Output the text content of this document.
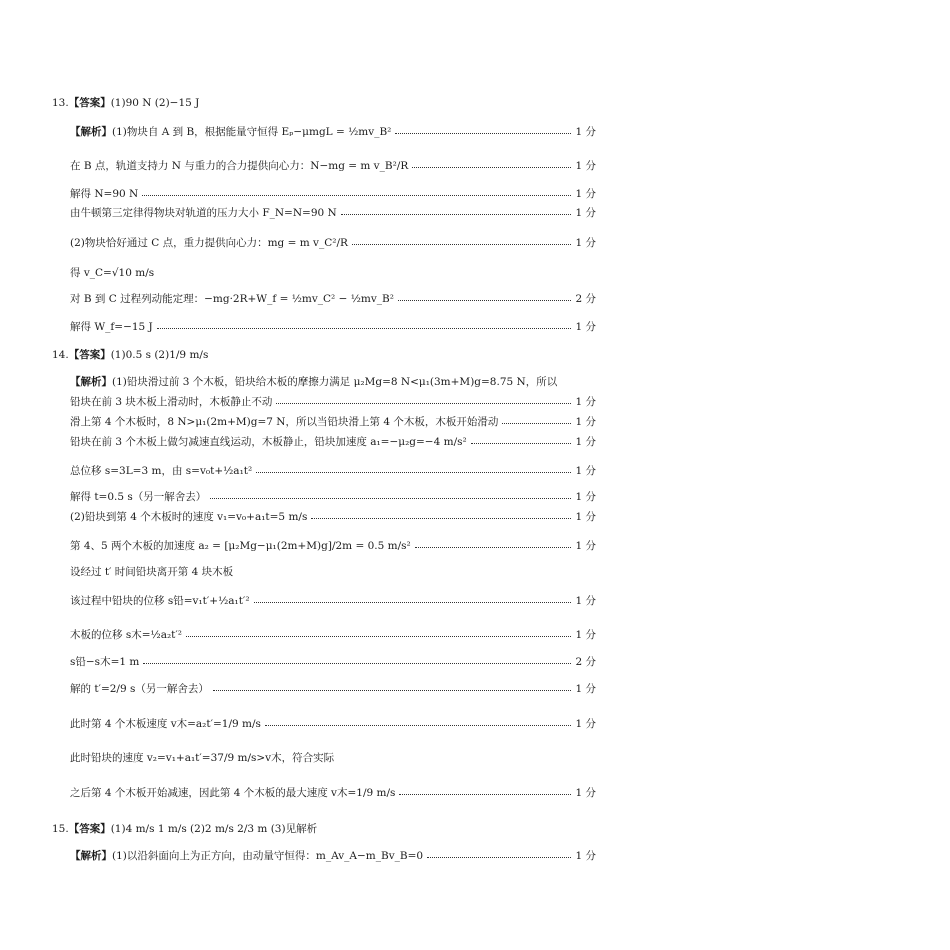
13.【答案】(1)90 N (2)−15 J
【解析】(1)物块自 A 到 B，根据能量守恒得 Eₚ−μmgL = ½mv_B²	1 分
在 B 点，轨道支持力 N 与重力的合力提供向心力：N−mg = m v_B²/R	1 分
解得 N=90 N	1 分
由牛顿第三定律得物块对轨道的压力大小 F_N=N=90 N	1 分
(2)物块恰好通过 C 点，重力提供向心力：mg = m v_C²/R	1 分
得 v_C=√10 m/s
对 B 到 C 过程列动能定理：−mg·2R+W_f = ½mv_C² − ½mv_B²	2 分
解得 W_f=−15 J	1 分
14.【答案】(1)0.5 s (2)1/9 m/s
【解析】(1)铅块滑过前 3 个木板，铅块给木板的摩擦力满足 μ₂Mg=8 N<μ₁(3m+M)g=8.75 N，所以
铅块在前 3 块木板上滑动时，木板静止不动	1 分
滑上第 4 个木板时，8 N>μ₁(2m+M)g=7 N，所以当铅块滑上第 4 个木板，木板开始滑动	1 分
铅块在前 3 个木板上做匀减速直线运动，木板静止，铅块加速度 a₁=−μ₂g=−4 m/s²	1 分
总位移 s=3L=3 m，由 s=v₀t+½a₁t²	1 分
解得 t=0.5 s（另一解舍去）	1 分
(2)铅块到第 4 个木板时的速度 v₁=v₀+a₁t=5 m/s	1 分
第 4、5 两个木板的加速度 a₂ = [μ₂Mg−μ₁(2m+M)g]/2m = 0.5 m/s²	1 分
设经过 t′ 时间铅块离开第 4 块木板
该过程中铅块的位移 s铅=v₁t′+½a₁t′²	1 分
木板的位移 s木=½a₂t′²	1 分
s铅−s木=1 m	2 分
解的 t′=2/9 s（另一解舍去）	1 分
此时第 4 个木板速度 v木=a₂t′=1/9 m/s	1 分
此时铅块的速度 v₂=v₁+a₁t′=37/9 m/s>v木，符合实际
之后第 4 个木板开始减速，因此第 4 个木板的最大速度 v木=1/9 m/s	1 分
15.【答案】(1)4 m/s 1 m/s (2)2 m/s 2/3 m (3)见解析
【解析】(1)以沿斜面向上为正方向，由动量守恒得：m_Av_A−m_Bv_B=0	1 分
